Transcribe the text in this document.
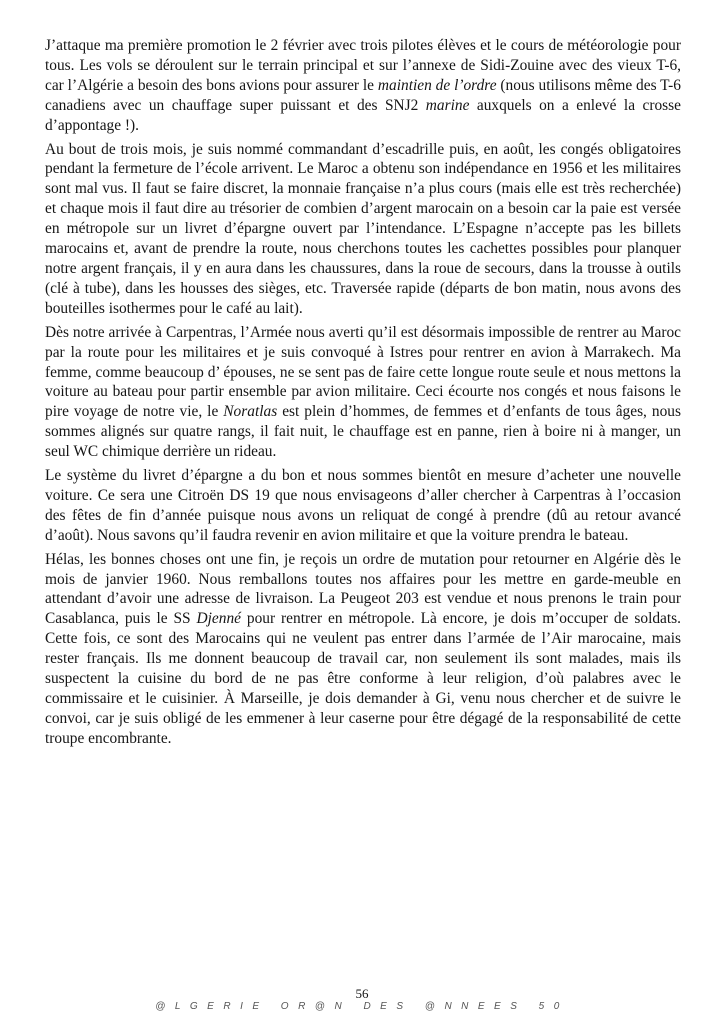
J’attaque ma première promotion le 2 février avec trois pilotes élèves et le cours de météorologie pour tous. Les vols se déroulent sur le terrain principal et sur l’annexe de Sidi-Zouine avec des vieux T-6, car l’Algérie a besoin des bons avions pour assurer le maintien de l’ordre (nous utilisons même des T-6 canadiens avec un chauffage super puissant et des SNJ2 marine auxquels on a enlevé la crosse d’appontage !).

Au bout de trois mois, je suis nommé commandant d’escadrille puis, en août, les congés obligatoires pendant la fermeture de l’école arrivent. Le Maroc a obtenu son indépendance en 1956 et les militaires sont mal vus. Il faut se faire discret, la monnaie française n’a plus cours (mais elle est très recherchée) et chaque mois il faut dire au trésorier de combien d’argent marocain on a besoin car la paie est versée en métropole sur un livret d’épargne ouvert par l’intendance. L’Espagne n’accepte pas les billets marocains et, avant de prendre la route, nous cherchons toutes les cachettes possibles pour planquer notre argent français, il y en aura dans les chaussures, dans la roue de secours, dans la trousse à outils (clé à tube), dans les housses des sièges, etc. Traversée rapide (départs de bon matin, nous avons des bouteilles isothermes pour le café au lait).

Dès notre arrivée à Carpentras, l’Armée nous averti qu’il est désormais impossible de rentrer au Maroc par la route pour les militaires et je suis convoqué à Istres pour rentrer en avion à Marrakech. Ma femme, comme beaucoup d’ épouses, ne se sent pas de faire cette longue route seule et nous mettons la voiture au bateau pour partir ensemble par avion militaire. Ceci écourte nos congés et nous faisons le pire voyage de notre vie, le Noratlas est plein d’hommes, de femmes et d’enfants de tous âges, nous sommes alignés sur quatre rangs, il fait nuit, le chauffage est en panne, rien à boire ni à manger, un seul WC chimique derrière un rideau.

Le système du livret d’épargne a du bon et nous sommes bientôt en mesure d’acheter une nouvelle voiture. Ce sera une Citroën DS 19 que nous envisageons d’aller chercher à Carpentras à l’occasion des fêtes de fin d’année puisque nous avons un reliquat de congé à prendre (dû au retour avancé d’août). Nous savons qu’il faudra revenir en avion militaire et que la voiture prendra le bateau.

Hélas, les bonnes choses ont une fin, je reçois un ordre de mutation pour retourner en Algérie dès le mois de janvier 1960. Nous remballons toutes nos affaires pour les mettre en garde-meuble en attendant d’avoir une adresse de livraison. La Peugeot 203 est vendue et nous prenons le train pour Casablanca, puis le SS Djenné pour rentrer en métropole. Là encore, je dois m’occuper de soldats. Cette fois, ce sont des Marocains qui ne veulent pas entrer dans l’armée de l’Air marocaine, mais rester français. Ils me donnent beaucoup de travail car, non seulement ils sont malades, mais ils suspectent la cuisine du bord de ne pas être conforme à leur religion, d’où palabres avec le commissaire et le cuisinier. À Marseille, je dois demander à Gi, venu nous chercher et de suivre le convoi, car je suis obligé de les emmener à leur caserne pour être dégagé de la responsabilité de cette troupe encombrante.

56
@LGERIE OR@N DES @NNEES 50
